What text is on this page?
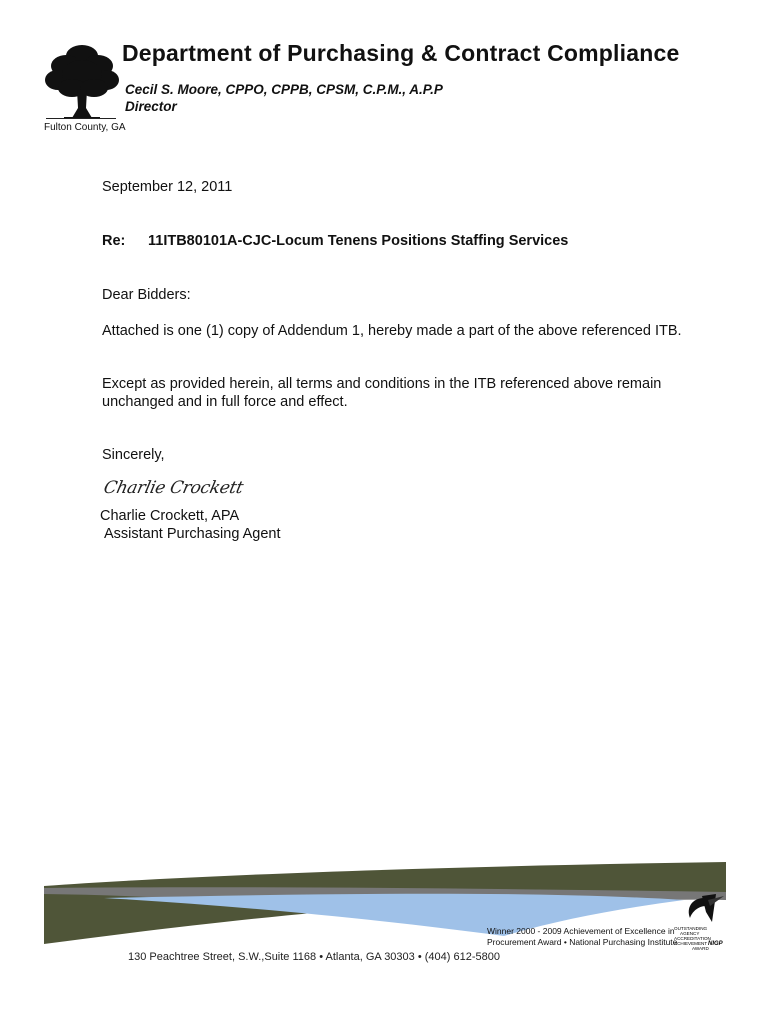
Fulton County, GA
Department of Purchasing & Contract Compliance
Cecil S. Moore, CPPO, CPPB, CPSM, C.P.M., A.P.P
Director
September 12, 2011
Re: 11ITB80101A-CJC-Locum Tenens Positions Staffing Services
Dear Bidders:
Attached is one (1) copy of Addendum 1, hereby made a part of the above referenced ITB.
Except as provided herein, all terms and conditions in the ITB referenced above remain unchanged and in full force and effect.
Sincerely,
Charlie Crockett
Charlie Crockett, APA
Assistant Purchasing Agent
Winner 2000 - 2009 Achievement of Excellence in
Procurement Award • National Purchasing Institute
OUTSTANDING
AGENCY
ACCREDITATION
ACHIEVEMENT NIGP
AWARD
130 Peachtree Street, S.W.,Suite 1168 • Atlanta, GA 30303 • (404) 612-5800
